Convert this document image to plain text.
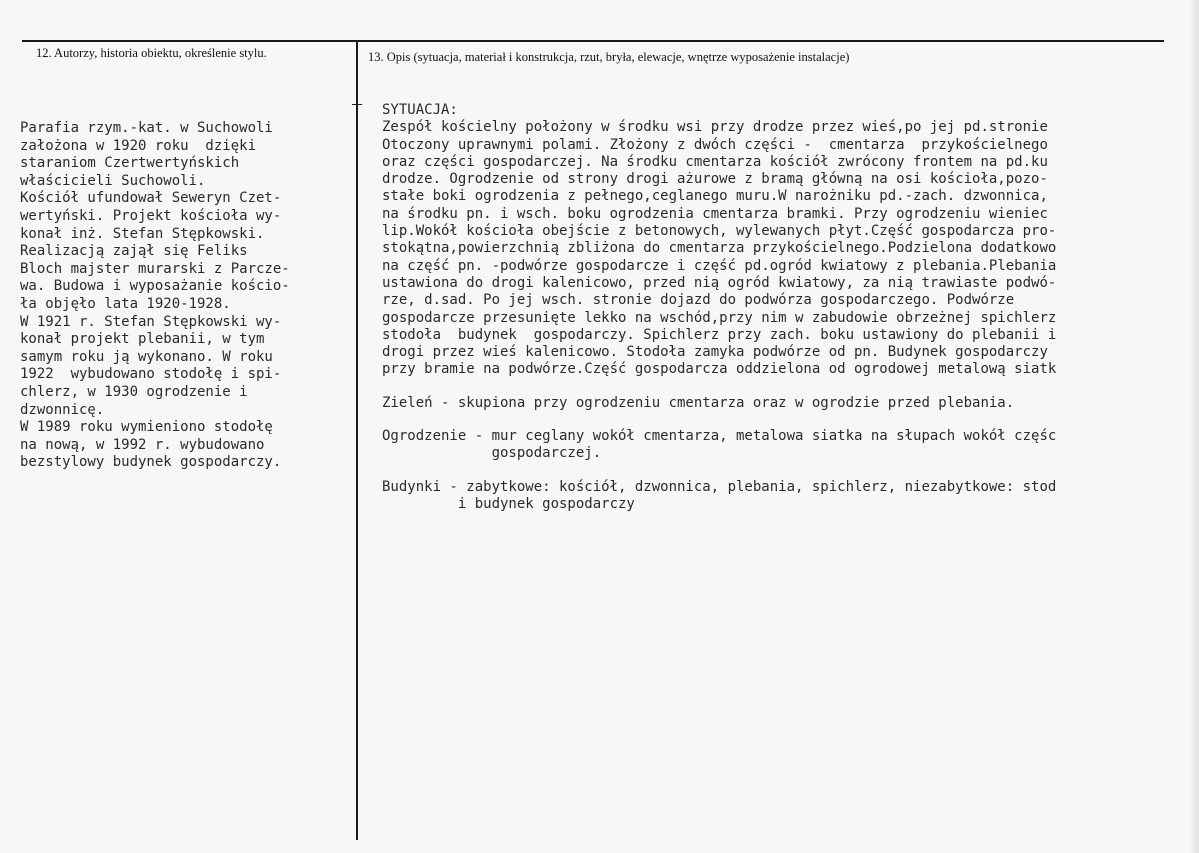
12. Autorzy, historia obiektu, określenie stylu.	13. Opis (sytuacja, materiał i konstrukcja, rzut, bryła, elewacje, wnętrze wyposażenie instalacje)
Parafia rzym.-kat. w Suchowoli
założona w 1920 roku  dzięki
staraniom Czertwertyńskich
właścicieli Suchowoli.
Kościół ufundował Seweryn Czet-
wertyński. Projekt kościoła wy-
konał inż. Stefan Stępkowski.
Realizacją zajął się Feliks
Bloch majster murarski z Parcze-
wa. Budowa i wyposażanie kościo-
ła objęło lata 1920-1928.
W 1921 r. Stefan Stępkowski wy-
konał projekt plebanii, w tym
samym roku ją wykonano. W roku
1922  wybudowano stodołę i spi-
chlerz, w 1930 ogrodzenie i
dzwonnicę.
W 1989 roku wymieniono stodołę
na nową, w 1992 r. wybudowano
bezstylowy budynek gospodarczy.
SYTUACJA:
Zespół kościelny położony w środku wsi przy drodze przez wieś,po jej pd.stronie
Otoczony uprawnymi polami. Złożony z dwóch części -  cmentarza  przykościelnego
oraz części gospodarczej. Na środku cmentarza kościół zwrócony frontem na pd.ku
drodze. Ogrodzenie od strony drogi ażurowe z bramą główną na osi kościoła,pozo-
stałe boki ogrodzenia z pełnego,ceglanego muru.W narożniku pd.-zach. dzwonnica,
na środku pn. i wsch. boku ogrodzenia cmentarza bramki. Przy ogrodzeniu wieniec
lip.Wokół kościoła obejście z betonowych, wylewanych płyt.Część gospodarcza pro-
stokątna,powierzchnią zbliżona do cmentarza przykościelnego.Podzielona dodatkowo
na część pn. -podwórze gospodarcze i część pd.ogród kwiatowy z plebania.Plebania
ustawiona do drogi kalenicowo, przed nią ogród kwiatowy, za nią trawiaste podwó-
rze, d.sad. Po jej wsch. stronie dojazd do podwórza gospodarczego. Podwórze
gospodarcze przesunięte lekko na wschód,przy nim w zabudowie obrzeżnej spichlerz
stodoła  budynek  gospodarczy. Spichlerz przy zach. boku ustawiony do plebanii i
drogi przez wieś kalenicowo. Stodoła zamyka podwórze od pn. Budynek gospodarczy
przy bramie na podwórze.Część gospodarcza oddzielona od ogrodowej metalową siatk
Zieleń - skupiona przy ogrodzeniu cmentarza oraz w ogrodzie przed plebania.
Ogrodzenie - mur ceglany wokół cmentarza, metalowa siatka na słupach wokół częśc
gospodarczej.
Budynki - zabytkowe: kościół, dzwonnica, plebania, spichlerz, niezabytkowe: stod
i budynek gospodarczy
